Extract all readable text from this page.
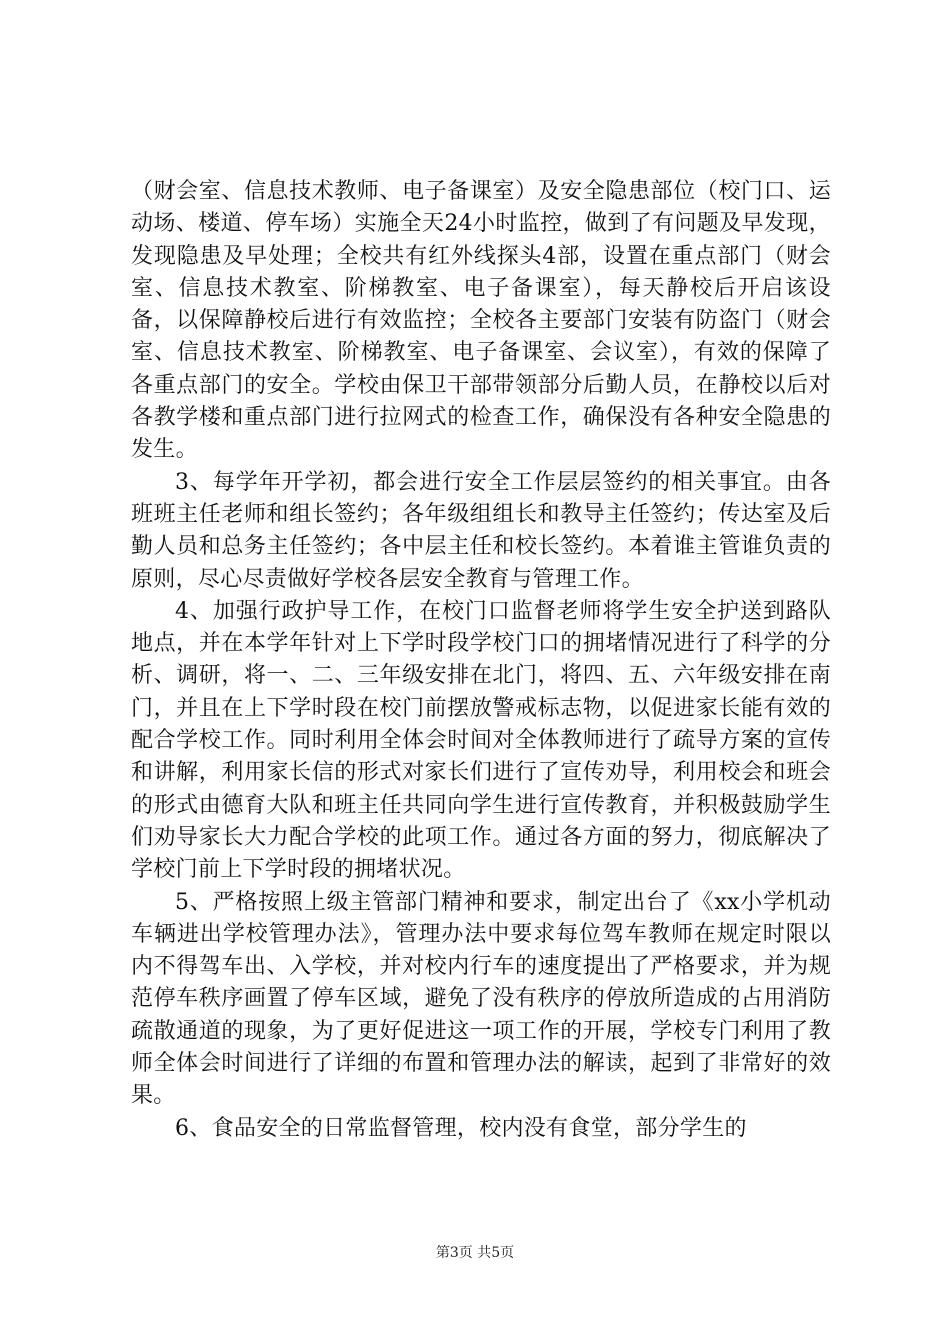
（财会室、信息技术教师、电子备课室）及安全隐患部位（校门口、运动场、楼道、停车场）实施全天24小时监控，做到了有问题及早发现，发现隐患及早处理；全校共有红外线探头4部，设置在重点部门（财会室、信息技术教室、阶梯教室、电子备课室），每天静校后开启该设备，以保障静校后进行有效监控；全校各主要部门安装有防盗门（财会室、信息技术教室、阶梯教室、电子备课室、会议室），有效的保障了各重点部门的安全。学校由保卫干部带领部分后勤人员，在静校以后对各教学楼和重点部门进行拉网式的检查工作，确保没有各种安全隐患的发生。

3、每学年开学初，都会进行安全工作层层签约的相关事宜。由各班班主任老师和组长签约；各年级组组长和教导主任签约；传达室及后勤人员和总务主任签约；各中层主任和校长签约。本着谁主管谁负责的原则，尽心尽责做好学校各层安全教育与管理工作。

4、加强行政护导工作，在校门口监督老师将学生安全护送到路队地点，并在本学年针对上下学时段学校门口的拥堵情况进行了科学的分析、调研，将一、二、三年级安排在北门，将四、五、六年级安排在南门，并且在上下学时段在校门前摆放警戒标志物，以促进家长能有效的配合学校工作。同时利用全体会时间对全体教师进行了疏导方案的宣传和讲解，利用家长信的形式对家长们进行了宣传劝导，利用校会和班会的形式由德育大队和班主任共同向学生进行宣传教育，并积极鼓励学生们劝导家长大力配合学校的此项工作。通过各方面的努力，彻底解决了学校门前上下学时段的拥堵状况。

5、严格按照上级主管部门精神和要求，制定出台了《xx小学机动车辆进出学校管理办法》，管理办法中要求每位驾车教师在规定时限以内不得驾车出、入学校，并对校内行车的速度提出了严格要求，并为规范停车秩序画置了停车区域，避免了没有秩序的停放所造成的占用消防疏散通道的现象，为了更好促进这一项工作的开展，学校专门利用了教师全体会时间进行了详细的布置和管理办法的解读，起到了非常好的效果。

6、食品安全的日常监督管理，校内没有食堂，部分学生的

第3页 共5页
